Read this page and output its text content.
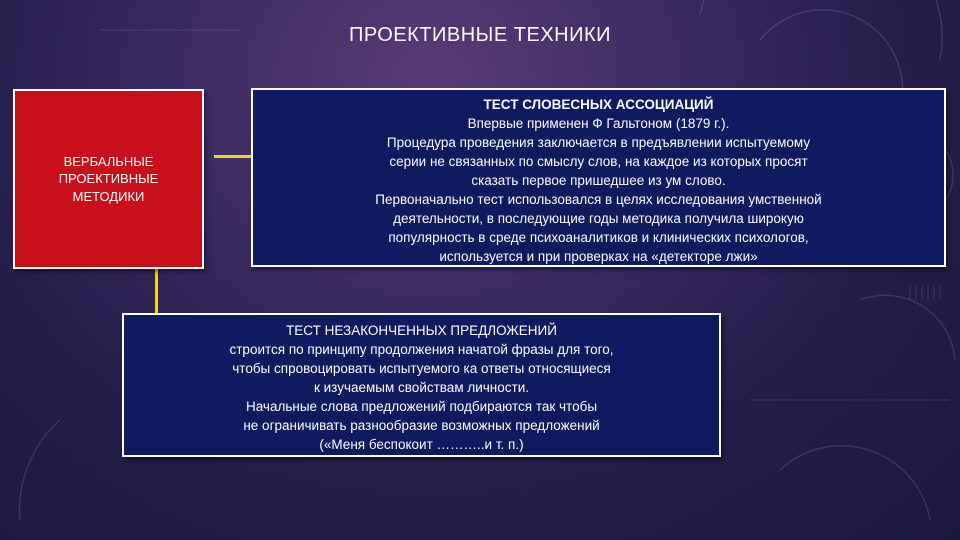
ПРОЕКТИВНЫЕ ТЕХНИКИ
ВЕРБАЛЬНЫЕ
ПРОЕКТИВНЫЕ
МЕТОДИКИ
ТЕСТ СЛОВЕСНЫХ АССОЦИАЦИЙ
Впервые применен Ф Гальтоном (1879 г.).
Процедура проведения заключается в предъявлении испытуемому
серии не связанных по смыслу слов, на каждое из которых просят
сказать первое пришедшее из ум слово.
Первоначально тест использовался в целях исследования умственной
деятельности, в последующие годы методика получила широкую
популярность в среде психоаналитиков и клинических психологов,
используется и при проверках на «детекторе лжи»
ТЕСТ НЕЗАКОНЧЕННЫХ ПРЕДЛОЖЕНИЙ
строится по принципу продолжения начатой фразы для того,
чтобы спровоцировать испытуемого ка ответы относящиеся
к изучаемым свойствам личности.
Начальные слова предложений подбираются так чтобы
не ограничивать разнообразие возможных предложений
(«Меня беспокоит ………..и т. п.)
